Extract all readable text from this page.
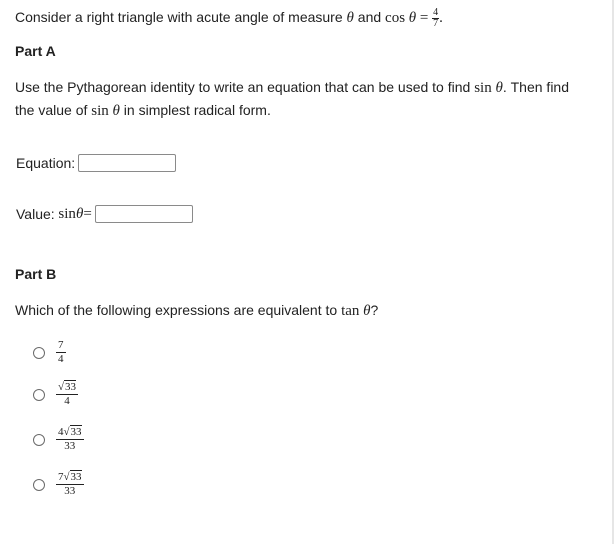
Consider a right triangle with acute angle of measure θ and $\cos \theta = \frac{4}{7}$ .
Part A
Use the Pythagorean identity to write an equation that can be used to find sin θ. Then find
the value of sin θ in simplest radical form.
Equation:
Value:
sin θ =
Part B
Which of the following expressions are equivalent to tan θ?
$\frac{7}{4}$
$\frac{√33}{4}$
$\frac{4√33}{33}$
$\frac{7√33}{33}$
